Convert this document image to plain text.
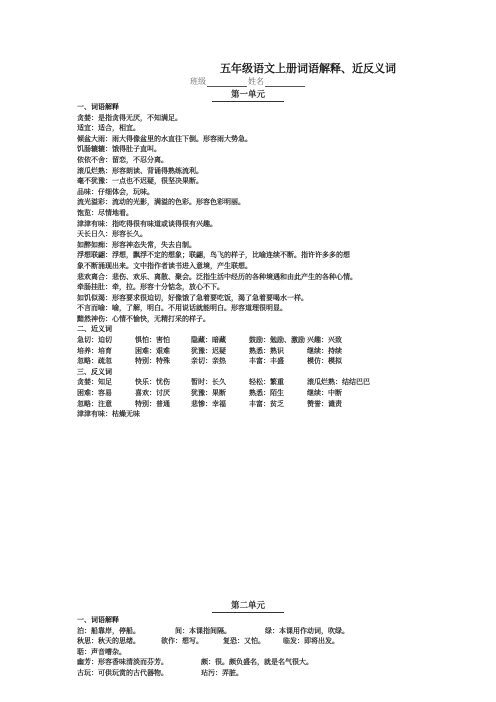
五年级语文上册词语解释、近反义词
班级	姓名
第一单元
一、词语解释
贪婪：是指贪得无厌，不知满足。
适宜：适合，相宜。
倾盆大雨：雨大得像盆里的水直往下倒。形容雨大势急。
饥肠辘辘：饿得肚子直叫。
依依不舍：留恋，不忍分离。
滚瓜烂熟：形容朗读、背诵得熟练流利。
毫不犹豫：一点也不迟疑，很坚决果断。
品味：仔细体会，玩味。
流光溢彩：流动的光影，满溢的色彩。形容色彩明丽。
饱览：尽情地看。
津津有味：指吃得很有味道或谈得很有兴趣。
天长日久：形容长久。
如醉如痴：形容神态失常，失去自制。
浮想联翩：浮想，飘浮不定的想象；联翩，鸟飞的样子，比喻连续不断。指许许多多的想
象不断涌现出来。文中指作者读书进入意境，产生联想。
悲欢离合：悲伤、欢乐、离散、聚会。泛指生活中经历的各种境遇和由此产生的各种心情。
牵肠挂肚：牵，拉。形容十分惦念，放心不下。
如饥似渴：形容要求很迫切，好像饿了急着要吃饭，渴了急着要喝水一样。
不言而喻：喻，了解，明白。不用说话就能明白。形容道理很明显。
黯然神伤：心情不愉快，无精打采的样子。
二、近义词
急切：迫切	惧怕：害怕	隐藏：暗藏	鼓励：勉励、激励 兴趣：兴致
培养：培育	困难：艰难	犹豫：迟疑	熟悉：熟识	继续：持续
忽略：疏忽	特别：特殊	亲切：亲热	丰富：丰盛	模仿：模拟
三、反义词
贪婪：知足	快乐：忧伤	暂时：长久	轻松：繁重	滚瓜烂熟：结结巴巴
困难：容易	喜欢：讨厌	犹豫：果断	熟悉：陌生	继续：中断
忽略：注意	特别：普通	悲惨：幸福	丰富：贫乏	赞誉：谴责
津津有味：枯燥无味
第二单元
一、词语解释
泊：船靠岸，停船。	间：本课指间隔。	绿：本课用作动词，吹绿。
秋思：秋天的思绪。	欲作：想写。	复恐：又怕。	临发：即将出发。
聒：声音嘈杂。
幽芳：形容香味清淡而芬芳。	颇：很。颇负盛名，就是名气很大。
古玩：可供玩赏的古代器物。	玷污：弄脏。
